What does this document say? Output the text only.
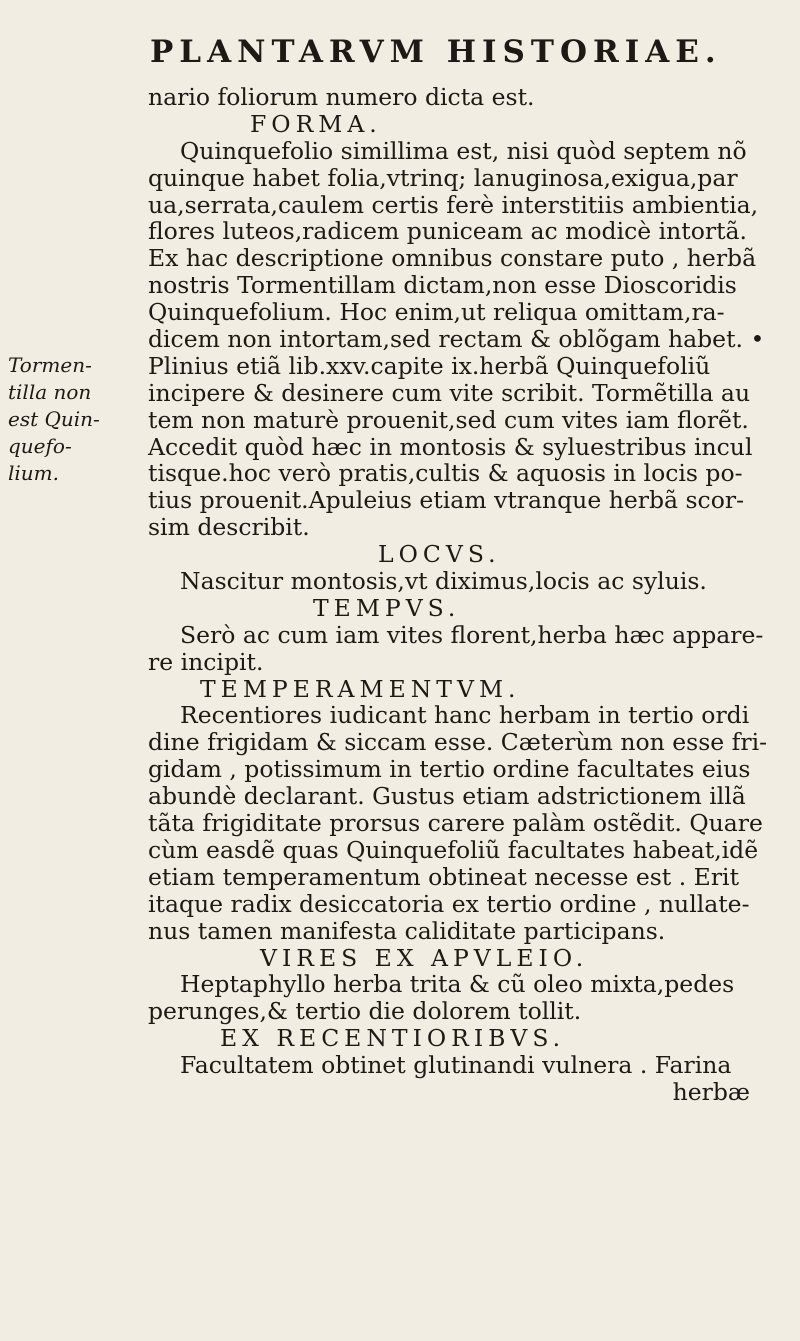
PLANTARVM HISTORIAE.
Tormen-
tilla non
est Quin-
quefo-
lium.
nario foliorum numero dicta est.
FORMA.
Quinquefolio simillima est, nisi quòd septem nõ
quinque habet folia,vtrinq; lanuginosa,exigua,par
ua,serrata,caulem certis ferè interstitiis ambientia,
flores luteos,radicem puniceam ac modicè intortã.
Ex hac descriptione omnibus constare puto , herbã
nostris Tormentillam dictam,non esse Dioscoridis
Quinquefolium. Hoc enim,ut reliqua omittam,ra-
dicem non intortam,sed rectam & oblõgam habet. •
Plinius etiã lib.xxv.capite ix.herbã Quinquefoliũ
incipere & desinere cum vite scribit. Tormẽtilla au
tem non maturè prouenit,sed cum vites iam florẽt.
Accedit quòd hæc in montosis & syluestribus incul
tisque.hoc verò pratis,cultis & aquosis in locis po-
tius prouenit.Apuleius etiam vtranque herbã scor-
sim describit.
LOCVS.
Nascitur montosis,vt diximus,locis ac syluis.
TEMPVS.
Serò ac cum iam vites florent,herba hæc appare-
re incipit.
TEMPERAMENTVM.
Recentiores iudicant hanc herbam in tertio ordi
dine frigidam & siccam esse. Cæterùm non esse fri-
gidam , potissimum in tertio ordine facultates eius
abundè declarant. Gustus etiam adstrictionem illã
tãta frigiditate prorsus carere palàm ostẽdit. Quare
cùm easdẽ quas Quinquefoliũ facultates habeat,idẽ
etiam temperamentum obtineat necesse est . Erit
itaque radix desiccatoria ex tertio ordine , nullate-
nus tamen manifesta caliditate participans.
VIRES EX APVLEIO.
Heptaphyllo herba trita & cũ oleo mixta,pedes
perunges,& tertio die dolorem tollit.
EX RECENTIORIBVS.
Facultatem obtinet glutinandi vulnera . Farina
herbæ
